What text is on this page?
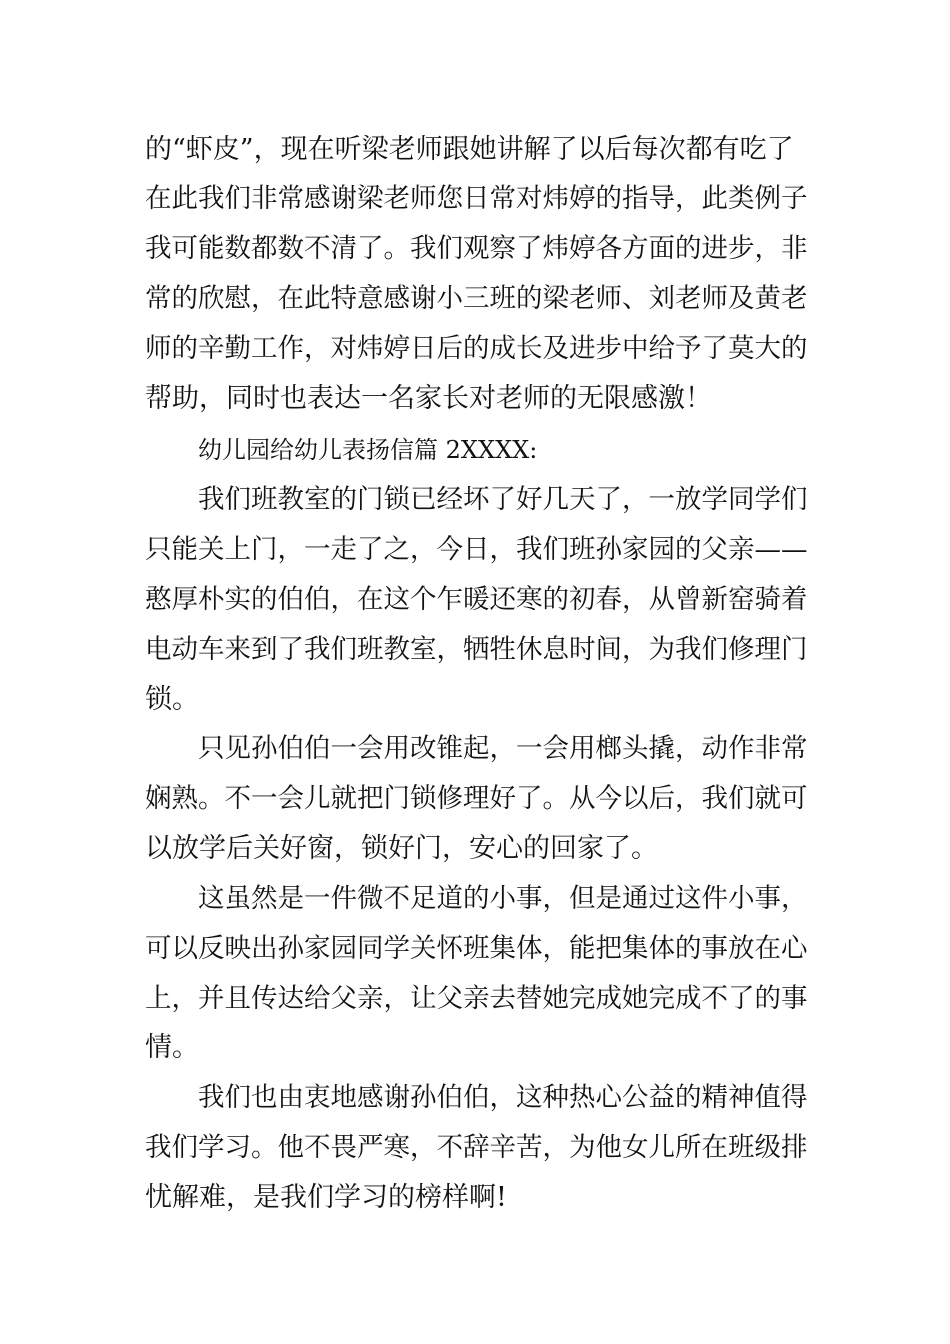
的“虾皮”，现在听梁老师跟她讲解了以后每次都有吃了
在此我们非常感谢梁老师您日常对炜婷的指导，此类例子
我可能数都数不清了。我们观察了炜婷各方面的进步，非
常的欣慰，在此特意感谢小三班的梁老师、刘老师及黄老
师的辛勤工作，对炜婷日后的成长及进步中给予了莫大的
帮助，同时也表达一名家长对老师的无限感激！
幼儿园给幼儿表扬信篇 2XXXX:
我们班教室的门锁已经坏了好几天了，一放学同学们
只能关上门，一走了之，今日，我们班孙家园的父亲——
憨厚朴实的伯伯，在这个乍暖还寒的初春，从曾新窑骑着
电动车来到了我们班教室，牺牲休息时间，为我们修理门
锁。
只见孙伯伯一会用改锥起，一会用榔头撬，动作非常
娴熟。不一会儿就把门锁修理好了。从今以后，我们就可
以放学后关好窗，锁好门，安心的回家了。
这虽然是一件微不足道的小事，但是通过这件小事，
可以反映出孙家园同学关怀班集体，能把集体的事放在心
上，并且传达给父亲，让父亲去替她完成她完成不了的事
情。
我们也由衷地感谢孙伯伯，这种热心公益的精神值得
我们学习。他不畏严寒，不辞辛苦，为他女儿所在班级排
忧解难，是我们学习的榜样啊!
